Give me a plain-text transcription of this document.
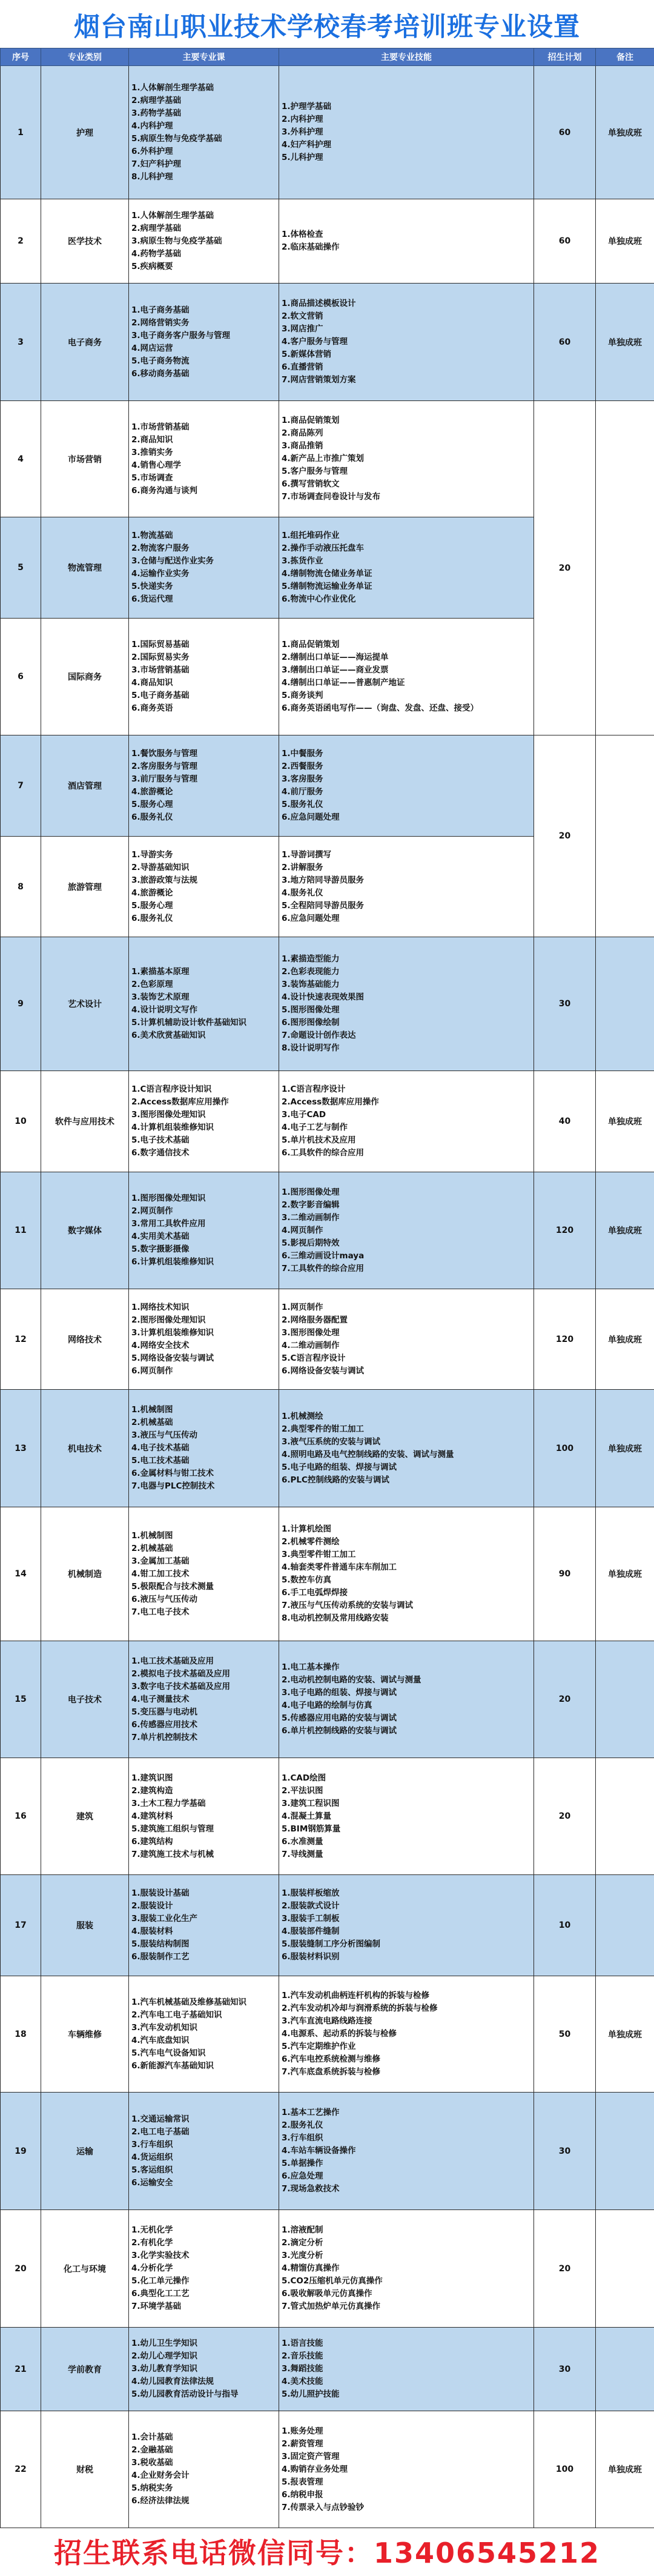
烟台南山职业技术学校春考培训班专业设置
序号	专业类别	主要专业课	主要专业技能	招生计划	备注
1	护理	
1.人体解剖生理学基础
2.病理学基础
3.药物学基础
4.内科护理
5.病原生物与免疫学基础
6.外科护理
7.妇产科护理
8.儿科护理

1.护理学基础
2.内科护理
3.外科护理
4.妇产科护理
5.儿科护理
	60	单独成班
2	医学技术	
1.人体解剖生理学基础
2.病理学基础
3.病原生物与免疫学基础
4.药物学基础
5.疾病概要

1.体格检查
2.临床基础操作
	60	单独成班
3	电子商务	
1.电子商务基础
2.网络营销实务
3.电子商务客户服务与管理
4.网店运营
5.电子商务物流
6.移动商务基础

1.商品描述模板设计
2.软文营销
3.网店推广
4.客户服务与管理
5.新媒体营销
6.直播营销
7.网店营销策划方案
	60	单独成班
4	市场营销	
1.市场营销基础
2.商品知识
3.推销实务
4.销售心理学
5.市场调查
6.商务沟通与谈判

1.商品促销策划
2.商品陈列
3.商品推销
4.新产品上市推广策划
5.客户服务与管理
6.撰写营销软文
7.市场调查问卷设计与发布
	20	
5	物流管理	
1.物流基础
2.物流客户服务
3.仓储与配送作业实务
4.运输作业实务
5.快递实务
6.货运代理

1.组托堆码作业
2.操作手动液压托盘车
3.拣货作业
4.缮制物流仓储业务单证
5.缮制物流运输业务单证
6.物流中心作业优化

6	国际商务	
1.国际贸易基础
2.国际贸易实务
3.市场营销基础
4.商品知识
5.电子商务基础
6.商务英语

1.商品促销策划
2.缮制出口单证——海运提单
3.缮制出口单证——商业发票
4.缮制出口单证——普惠制产地证
5.商务谈判
6.商务英语函电写作——（询盘、发盘、还盘、接受）

7	酒店管理	
1.餐饮服务与管理
2.客房服务与管理
3.前厅服务与管理
4.旅游概论
5.服务心理
6.服务礼仪

1.中餐服务
2.西餐服务
3.客房服务
4.前厅服务
5.服务礼仪
6.应急问题处理
	20	
8	旅游管理	
1.导游实务
2.导游基础知识
3.旅游政策与法规
4.旅游概论
5.服务心理
6.服务礼仪

1.导游词撰写
2.讲解服务
3.地方陪同导游员服务
4.服务礼仪
5.全程陪同导游员服务
6.应急问题处理

9	艺术设计	
1.素描基本原理
2.色彩原理
3.装饰艺术原理
4.设计说明文写作
5.计算机辅助设计软件基础知识
6.美术欣赏基础知识

1.素描造型能力
2.色彩表现能力
3.装饰基础能力
4.设计快速表现效果图
5.图形图像处理
6.图形图像绘制
7.命题设计创作表达
8.设计说明写作
	30	
10	软件与应用技术	
1.C语言程序设计知识
2.Access数据库应用操作
3.图形图像处理知识
4.计算机组装维修知识
5.电子技术基础
6.数字通信技术

1.C语言程序设计
2.Access数据库应用操作
3.电子CAD
4.电子工艺与制作
5.单片机技术及应用
6.工具软件的综合应用
	40	单独成班
11	数字媒体	
1.图形图像处理知识
2.网页制作
3.常用工具软件应用
4.实用美术基础
5.数字摄影摄像
6.计算机组装维修知识

1.图形图像处理
2.数字影音编辑
3.二维动画制作
4.网页制作
5.影视后期特效
6.三维动画设计maya
7.工具软件的综合应用
	120	单独成班
12	网络技术	
1.网络技术知识
2.图形图像处理知识
3.计算机组装维修知识
4.网络安全技术
5.网络设备安装与调试
6.网页制作

1.网页制作
2.网络服务器配置
3.图形图像处理
4.二维动画制作
5.C语言程序设计
6.网络设备安装与调试
	120	单独成班
13	机电技术	
1.机械制图
2.机械基础
3.液压与气压传动
4.电子技术基础
5.电工技术基础
6.金属材料与钳工技术
7.电器与PLC控制技术

1.机械测绘
2.典型零件的钳工加工
3.液气压系统的安装与调试
4.照明电路及电气控制线路的安装、调试与测量
5.电子电路的组装、焊接与调试
6.PLC控制线路的安装与调试
	100	单独成班
14	机械制造	
1.机械制图
2.机械基础
3.金属加工基础
4.钳工加工技术
5.极限配合与技术测量
6.液压与气压传动
7.电工电子技术

1.计算机绘图
2.机械零件测绘
3.典型零件钳工加工
4.轴套类零件普通车床车削加工
5.数控车仿真
6.手工电弧焊焊接
7.液压与气压传动系统的安装与调试
8.电动机控制及常用线路安装
	90	单独成班
15	电子技术	
1.电工技术基础及应用
2.模拟电子技术基础及应用
3.数字电子技术基础及应用
4.电子测量技术
5.变压器与电动机
6.传感器应用技术
7.单片机控制技术

1.电工基本操作
2.电动机控制电路的安装、调试与测量
3.电子电路的组装、焊接与调试
4.电子电路的绘制与仿真
5.传感器应用电路的安装与调试
6.单片机控制线路的安装与调试
	20	
16	建筑	
1.建筑识图
2.建筑构造
3.土木工程力学基础
4.建筑材料
5.建筑施工组织与管理
6.建筑结构
7.建筑施工技术与机械

1.CAD绘图
2.平法识图
3.建筑工程识图
4.混凝土算量
5.BIM钢筋算量
6.水准测量
7.导线测量
	20	
17	服装	
1.服装设计基础
2.服装设计
3.服装工业化生产
4.服装材料
5.服装结构制图
6.服装制作工艺

1.服装样板缩放
2.服装款式设计
3.服装手工制板
4.服装部件缝制
5.服装缝制工序分析图编制
6.服装材料识别
	10	
18	车辆维修	
1.汽车机械基础及维修基础知识
2.汽车电工电子基础知识
3.汽车发动机知识
4.汽车底盘知识
5.汽车电气设备知识
6.新能源汽车基础知识

1.汽车发动机曲柄连杆机构的拆装与检修
2.汽车发动机冷却与润滑系统的拆装与检修
3.汽车直流电路线路连接
4.电源系、起动系的拆装与检修
5.汽车定期维护作业
6.汽车电控系统检测与维修
7.汽车底盘系统拆装与检修
	50	单独成班
19	运输	
1.交通运输常识
2.电工电子基础
3.行车组织
4.货运组织
5.客运组织
6.运输安全

1.基本工艺操作
2.服务礼仪
3.行车组织
4.车站车辆设备操作
5.单据操作
6.应急处理
7.现场急救技术
	30	
20	化工与环境	
1.无机化学
2.有机化学
3.化学实验技术
4.分析化学
5.化工单元操作
6.典型化工工艺
7.环境学基础

1.溶液配制
2.滴定分析
3.光度分析
4.精馏仿真操作
5.CO2压缩机单元仿真操作
6.吸收解吸单元仿真操作
7.管式加热炉单元仿真操作
	20	
21	学前教育	
1.幼儿卫生学知识
2.幼儿心理学知识
3.幼儿教育学知识
4.幼儿园教育法律法规
5.幼儿园教育活动设计与指导

1.语言技能
2.音乐技能
3.舞蹈技能
4.美术技能
5.幼儿照护技能
	30	
22	财税	
1.会计基础
2.金融基础
3.税收基础
4.企业财务会计
5.纳税实务
6.经济法律法规

1.账务处理
2.薪资管理
3.固定资产管理
4.购销存业务处理
5.报表管理
6.纳税申报
7.传票录入与点钞验钞
	100	单独成班
招生联系电话微信同号：13406545212
